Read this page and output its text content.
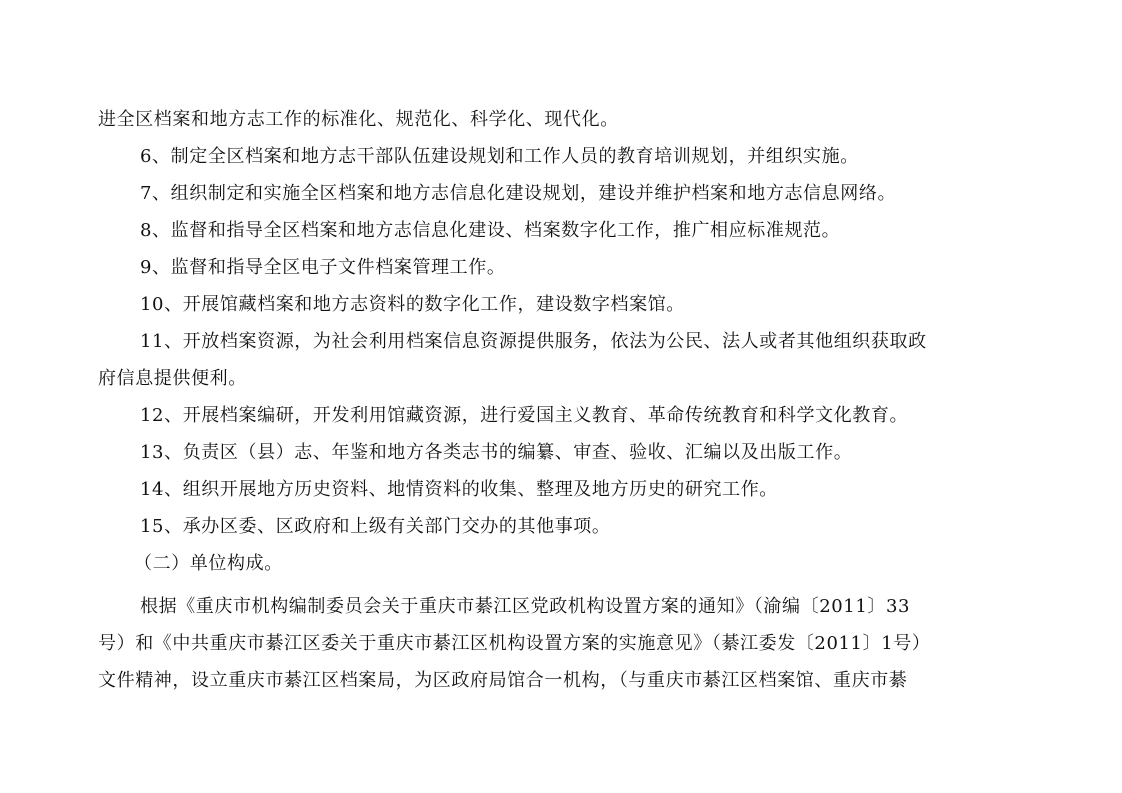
进全区档案和地方志工作的标准化、规范化、科学化、现代化。
6、制定全区档案和地方志干部队伍建设规划和工作人员的教育培训规划，并组织实施。
7、组织制定和实施全区档案和地方志信息化建设规划，建设并维护档案和地方志信息网络。
8、监督和指导全区档案和地方志信息化建设、档案数字化工作，推广相应标准规范。
9、监督和指导全区电子文件档案管理工作。
10、开展馆藏档案和地方志资料的数字化工作，建设数字档案馆。
11、开放档案资源，为社会利用档案信息资源提供服务，依法为公民、法人或者其他组织获取政
府信息提供便利。
12、开展档案编研，开发利用馆藏资源，进行爱国主义教育、革命传统教育和科学文化教育。
13、负责区（县）志、年鉴和地方各类志书的编纂、审查、验收、汇编以及出版工作。
14、组织开展地方历史资料、地情资料的收集、整理及地方历史的研究工作。
15、承办区委、区政府和上级有关部门交办的其他事项。
（二）单位构成。
根据《重庆市机构编制委员会关于重庆市綦江区党政机构设置方案的通知》（渝编〔2011〕33
号）和《中共重庆市綦江区委关于重庆市綦江区机构设置方案的实施意见》（綦江委发〔2011〕1号）
文件精神，设立重庆市綦江区档案局，为区政府局馆合一机构，（与重庆市綦江区档案馆、重庆市綦
